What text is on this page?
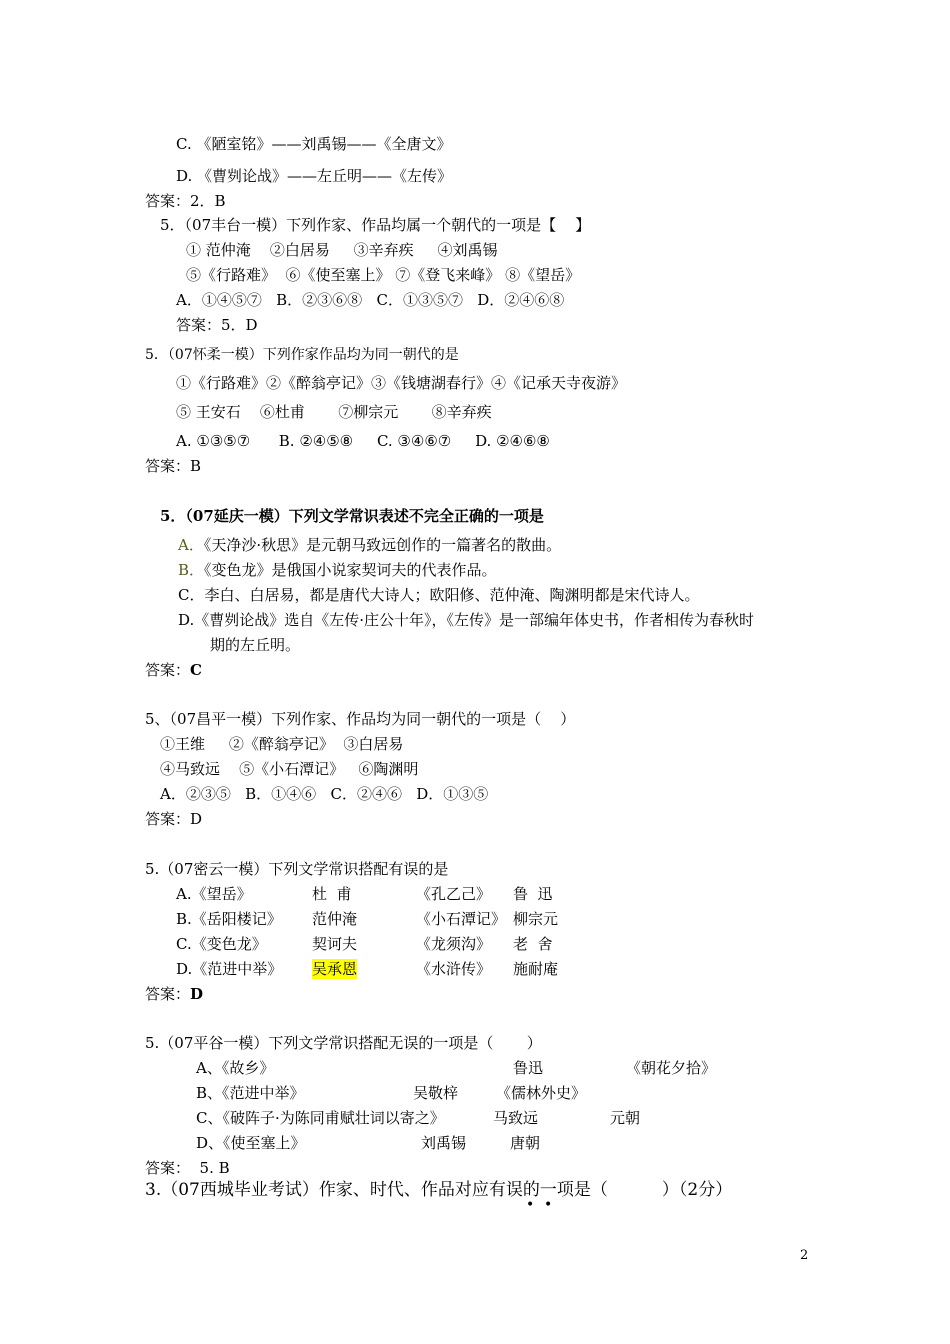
C. 《陋室铭》——刘禹锡——《全唐文》
D. 《曹刿论战》——左丘明——《左传》
答案：2．B
5．（07丰台一模）下列作家、作品均属一个朝代的一项是【    】
① 范仲淹    ②白居易     ③辛弃疾     ④刘禹锡
⑤《行路难》  ⑥《使至塞上》 ⑦《登飞来峰》 ⑧《望岳》
A．①④⑤⑦   B．②③⑥⑧   C．①③⑤⑦   D．②④⑥⑧
答案：5．D
5．（07怀柔一模）下列作家作品均为同一朝代的是
①《行路难》②《醉翁亭记》③《钱塘湖春行》④《记承天寺夜游》
⑤ 王安石    ⑥杜甫       ⑦柳宗元       ⑧辛弃疾
A. ①③⑤⑦      B. ②④⑤⑧     C. ③④⑥⑦     D. ②④⑥⑧
答案：B
5．（07延庆一模）下列文学常识表述不完全正确的一项是
A．《天净沙·秋思》是元朝马致远创作的一篇著名的散曲。
B．《变色龙》是俄国小说家契诃夫的代表作品。
C．李白、白居易，都是唐代大诗人；欧阳修、范仲淹、陶渊明都是宋代诗人。
D.《曹刿论战》选自《左传·庄公十年》，《左传》是一部编年体史书，作者相传为春秋时
期的左丘明。
答案：C
5、（07昌平一模）下列作家、作品均为同一朝代的一项是（    ）
①王维     ②《醉翁亭记》  ③白居易
④马致远    ⑤《小石潭记》   ⑥陶渊明
A．②③⑤   B．①④⑥   C．②④⑥   D．①③⑤
答案：D
5.（07密云一模）下列文学常识搭配有误的是
A.《望岳》	杜  甫	《孔乙己》 鲁  迅
B.《岳阳楼记》 范仲淹	《小石潭记》 柳宗元
C.《变色龙》	契诃夫	《龙须沟》 老  舍
D.《范进中举》 吴承恩	《水浒传》 施耐庵
答案：D
5.（07平谷一模）下列文学常识搭配无误的一项是（       ）
A、《故乡》	鲁迅	《朝花夕拾》
B、《范进中举》	吴敬梓	《儒林外史》
C、《破阵子·为陈同甫赋壮词以寄之》	马致远	元朝
D、《使至塞上》	刘禹锡	唐朝
答案：  5. B
3.（07西城毕业考试）作家、时代、作品对应有误的一项是（          ）（2分）
• •
2
